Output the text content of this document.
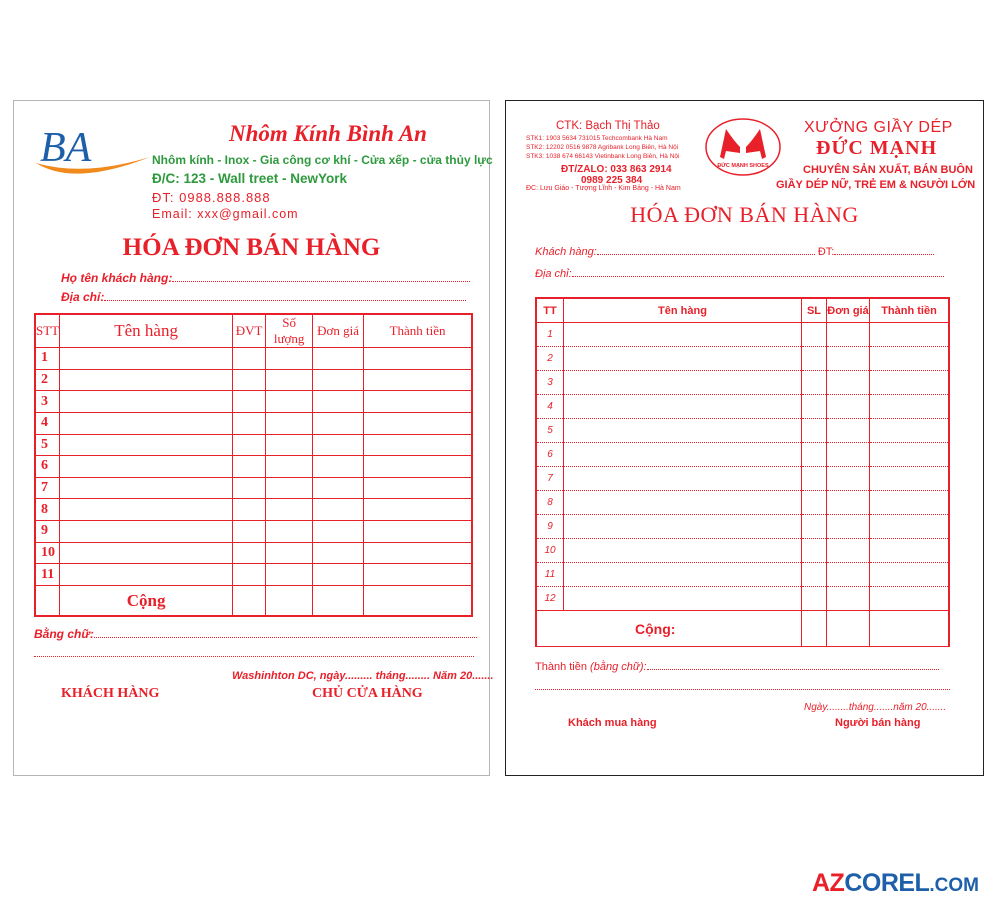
BA	Nhôm Kính Bình An
Nhôm kính - Inox - Gia công cơ khí - Cửa xếp - cửa thủy lực
Đ/C: 123 - Wall treet - NewYork
ĐT: 0988.888.888
Email: xxx@gmail.com
HÓA ĐƠN BÁN HÀNG
Họ tên khách hàng:
Địa chỉ:
STT	Tên hàng	ĐVT	Số lượng	Đơn giá	Thành tiền
1					
2					
3					
4					
5					
6					
7					
8					
9					
10					
11					
	Cộng				
Bằng chữ:
Washinhton DC, ngày......... tháng........ Năm 20.......
KHÁCH HÀNG	CHỦ CỬA HÀNG
CTK: Bạch Thị Thảo
STK1: 1903 5634 731015 Techcombank Hà Nam
STK2: 12202 0516 9878 Agribank Long Biên, Hà Nội
STK3: 1038 674 66143 Vietinbank Long Biên, Hà Nội
ĐT/ZALO: 033 863 2914
0989 225 384
ĐC: Lưu Giáo - Tượng Lĩnh - Kim Bảng - Hà Nam
ĐỨC MẠNH SHOES
XƯỞNG GIẦY DÉP
ĐỨC MẠNH
CHUYÊN SẢN XUẤT, BÁN BUÔN
GIẦY DÉP NỮ, TRẺ EM & NGƯỜI LỚN
HÓA ĐƠN BÁN HÀNG
Khách hàng:	ĐT:
Địa chỉ:
TT	Tên hàng	SL	Đơn giá	Thành tiền
1				
2				
3				
4				
5				
6				
7				
8				
9				
10				
11				
12				
Cộng:				
Thành tiền (bằng chữ):
Ngày........tháng.......năm 20.......
Khách mua hàng	Người bán hàng
AZCOREL.COM
